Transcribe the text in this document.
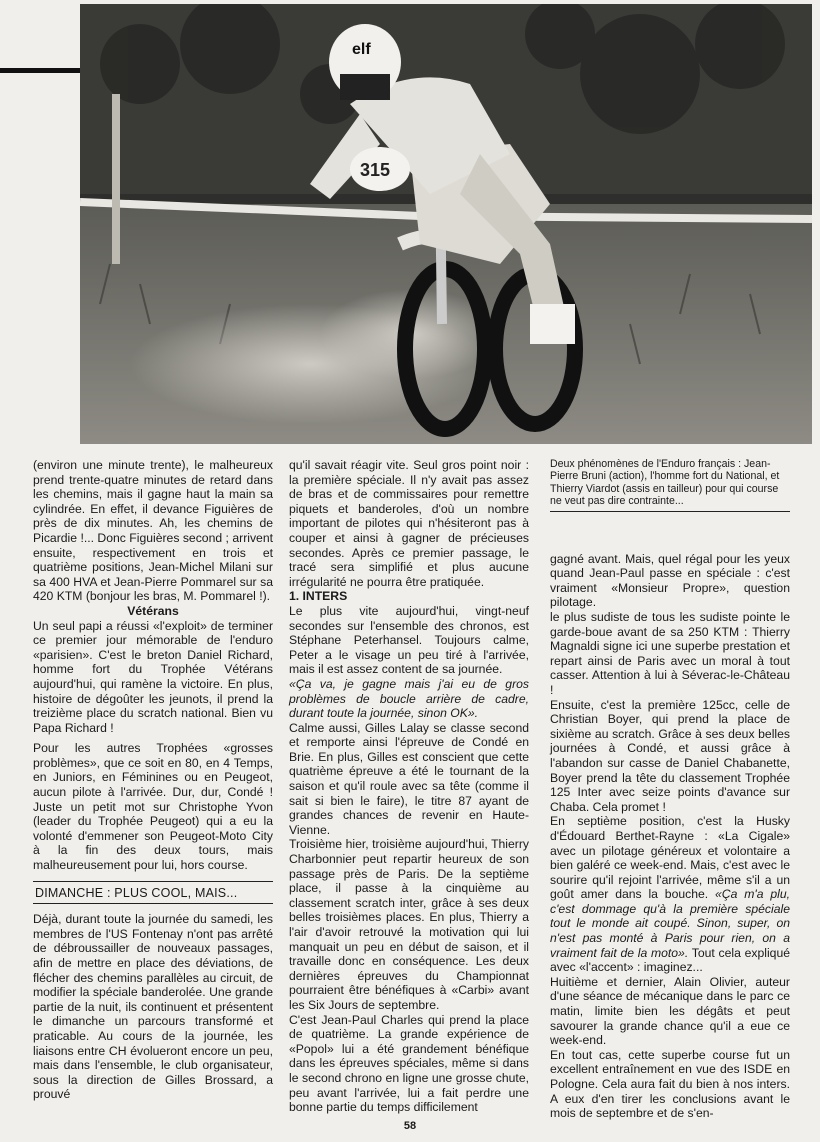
elf
315

(environ une minute trente), le malheureux prend trente-quatre minutes de retard dans les chemins, mais il gagne haut la main sa cylindrée. En effet, il devance Figuières de près de dix minutes. Ah, les chemins de Picardie !... Donc Figuières second ; arrivent ensuite, respectivement en trois et quatrième positions, Jean-Michel Milani sur sa 400 HVA et Jean-Pierre Pommarel sur sa 420 KTM (bonjour les bras, M. Pommarel !).

Vétérans

Un seul papi a réussi «l'exploit» de terminer ce premier jour mémorable de l'enduro «parisien». C'est le breton Daniel Richard, homme fort du Trophée Vétérans aujourd'hui, qui ramène la victoire. En plus, histoire de dégoûter les jeunots, il prend la treizième place du scratch national. Bien vu Papa Richard !

Pour les autres Trophées «grosses problèmes», que ce soit en 80, en 4 Temps, en Juniors, en Féminines ou en Peugeot, aucun pilote à l'arrivée. Dur, dur, Condé ! Juste un petit mot sur Christophe Yvon (leader du Trophée Peugeot) qui a eu la volonté d'emmener son Peugeot-Moto City à la fin des deux tours, mais malheureusement pour lui, hors course.

DIMANCHE : PLUS COOL, MAIS...

Déjà, durant toute la journée du samedi, les membres de l'US Fontenay n'ont pas arrêté de débroussailler de nouveaux passages, afin de mettre en place des déviations, de flécher des chemins parallèles au circuit, de modifier la spéciale banderolée. Une grande partie de la nuit, ils continuent et présentent le dimanche un parcours transformé et praticable. Au cours de la journée, les liaisons entre CH évolueront encore un peu, mais dans l'ensemble, le club organisateur, sous la direction de Gilles Brossard, a prouvé

qu'il savait réagir vite. Seul gros point noir : la première spéciale. Il n'y avait pas assez de bras et de commissaires pour remettre piquets et banderoles, d'où un nombre important de pilotes qui n'hésiteront pas à couper et ainsi à gagner de précieuses secondes. Après ce premier passage, le tracé sera simplifié et plus aucune irrégularité ne pourra être pratiquée.

1. INTERS

Le plus vite aujourd'hui, vingt-neuf secondes sur l'ensemble des chronos, est Stéphane Peterhansel. Toujours calme, Peter a le visage un peu tiré à l'arrivée, mais il est assez content de sa journée.

«Ça va, je gagne mais j'ai eu de gros problèmes de boucle arrière de cadre, durant toute la journée, sinon OK».

Calme aussi, Gilles Lalay se classe second et remporte ainsi l'épreuve de Condé en Brie. En plus, Gilles est conscient que cette quatrième épreuve a été le tournant de la saison et qu'il roule avec sa tête (comme il sait si bien le faire), le titre 87 ayant de grandes chances de revenir en Haute-Vienne.

Troisième hier, troisième aujourd'hui, Thierry Charbonnier peut repartir heureux de son passage près de Paris. De la septième place, il passe à la cinquième au classement scratch inter, grâce à ses deux belles troisièmes places. En plus, Thierry a l'air d'avoir retrouvé la motivation qui lui manquait un peu en début de saison, et il travaille donc en conséquence. Les deux dernières épreuves du Championnat pourraient être bénéfiques à «Carbi» avant les Six Jours de septembre.

C'est Jean-Paul Charles qui prend la place de quatrième. La grande expérience de «Popol» lui a été grandement bénéfique dans les épreuves spéciales, même si dans le second chrono en ligne une grosse chute, peu avant l'arrivée, lui a fait perdre une bonne partie du temps difficilement

Deux phénomènes de l'Enduro français : Jean-Pierre Bruni (action), l'homme fort du National, et Thierry Viardot (assis en tailleur) pour qui course ne veut pas dire contrainte...

gagné avant. Mais, quel régal pour les yeux quand Jean-Paul passe en spéciale : c'est vraiment «Monsieur Propre», question pilotage.

le plus sudiste de tous les sudiste pointe le garde-boue avant de sa 250 KTM : Thierry Magnaldi signe ici une superbe prestation et repart ainsi de Paris avec un moral à tout casser. Attention à lui à Séverac-le-Château !

Ensuite, c'est la première 125cc, celle de Christian Boyer, qui prend la place de sixième au scratch. Grâce à ses deux belles journées à Condé, et aussi grâce à l'abandon sur casse de Daniel Chabanette, Boyer prend la tête du classement Trophée 125 Inter avec seize points d'avance sur Chaba. Cela promet !

En septième position, c'est la Husky d'Édouard Berthet-Rayne : «La Cigale» avec un pilotage généreux et volontaire a bien galéré ce week-end. Mais, c'est avec le sourire qu'il rejoint l'arrivée, même s'il a un goût amer dans la bouche. «Ça m'a plu, c'est dommage qu'à la première spéciale tout le monde ait coupé. Sinon, super, on n'est pas monté à Paris pour rien, on a vraiment fait de la moto». Tout cela expliqué avec «l'accent» : imaginez...

Huitième et dernier, Alain Olivier, auteur d'une séance de mécanique dans le parc ce matin, limite bien les dégâts et peut savourer la grande chance qu'il a eue ce week-end.

En tout cas, cette superbe course fut un excellent entraînement en vue des ISDE en Pologne. Cela aura fait du bien à nos inters. A eux d'en tirer les conclusions avant le mois de septembre et de s'en-

58
